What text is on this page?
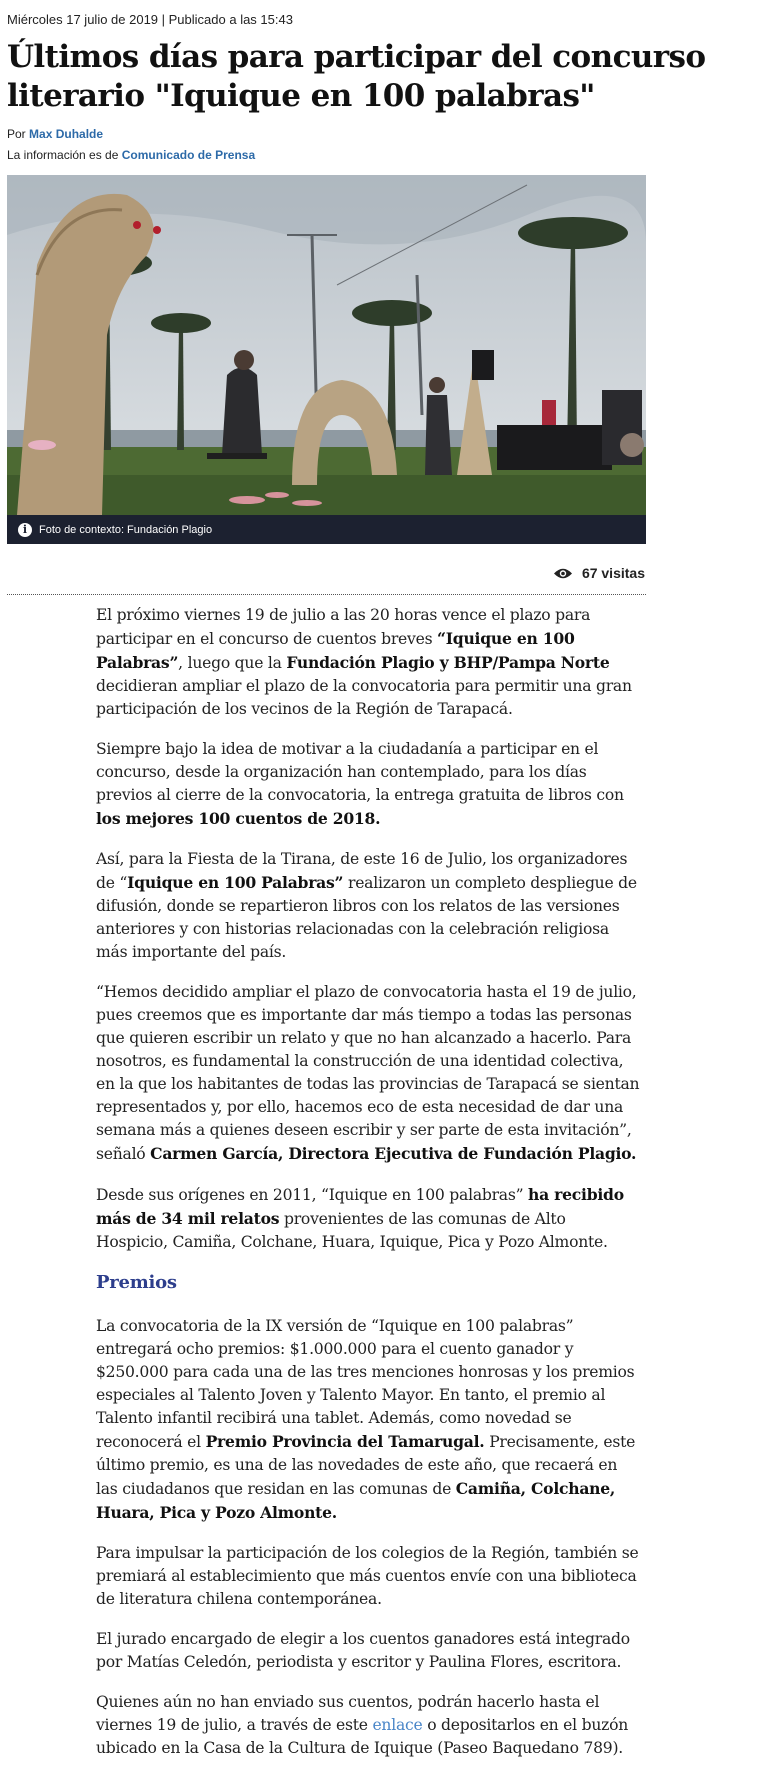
Miércoles 17 julio de 2019 | Publicado a las 15:43
Últimos días para participar del concurso literario "Iquique en 100 palabras"
Por Max Duhalde
La información es de Comunicado de Prensa
i	Foto de contexto: Fundación Plagio
67 visitas

El próximo viernes 19 de julio a las 20 horas vence el plazo para participar en el concurso de cuentos breves “Iquique en 100 Palabras”, luego que la Fundación Plagio y BHP/Pampa Norte decidieran ampliar el plazo de la convocatoria para permitir una gran participación de los vecinos de la Región de Tarapacá.

Siempre bajo la idea de motivar a la ciudadanía a participar en el concurso, desde la organización han contemplado, para los días previos al cierre de la convocatoria, la entrega gratuita de libros con los mejores 100 cuentos de 2018.

Así, para la Fiesta de la Tirana, de este 16 de Julio, los organizadores de “Iquique en 100 Palabras” realizaron un completo despliegue de difusión, donde se repartieron libros con los relatos de las versiones anteriores y con historias relacionadas con la celebración religiosa más importante del país.

“Hemos decidido ampliar el plazo de convocatoria hasta el 19 de julio, pues creemos que es importante dar más tiempo a todas las personas que quieren escribir un relato y que no han alcanzado a hacerlo. Para nosotros, es fundamental la construcción de una identidad colectiva, en la que los habitantes de todas las provincias de Tarapacá se sientan representados y, por ello, hacemos eco de esta necesidad de dar una semana más a quienes deseen escribir y ser parte de esta invitación”, señaló Carmen García, Directora Ejecutiva de Fundación Plagio.

Desde sus orígenes en 2011, “Iquique en 100 palabras” ha recibido más de 34 mil relatos provenientes de las comunas de Alto Hospicio, Camiña, Colchane, Huara, Iquique, Pica y Pozo Almonte.

Premios

La convocatoria de la IX versión de “Iquique en 100 palabras” entregará ocho premios: $1.000.000 para el cuento ganador y $250.000 para cada una de las tres menciones honrosas y los premios especiales al Talento Joven y Talento Mayor. En tanto, el premio al Talento infantil recibirá una tablet. Además, como novedad se reconocerá el Premio Provincia del Tamarugal. Precisamente, este último premio, es una de las novedades de este año, que recaerá en las ciudadanos que residan en las comunas de Camiña, Colchane, Huara, Pica y Pozo Almonte.

Para impulsar la participación de los colegios de la Región, también se premiará al establecimiento que más cuentos envíe con una biblioteca de literatura chilena contemporánea.

El jurado encargado de elegir a los cuentos ganadores está integrado por Matías Celedón, periodista y escritor y Paulina Flores, escritora.

Quienes aún no han enviado sus cuentos, podrán hacerlo hasta el viernes 19 de julio, a través de este enlace o depositarlos en el buzón ubicado en la Casa de la Cultura de Iquique (Paseo Baquedano 789).
